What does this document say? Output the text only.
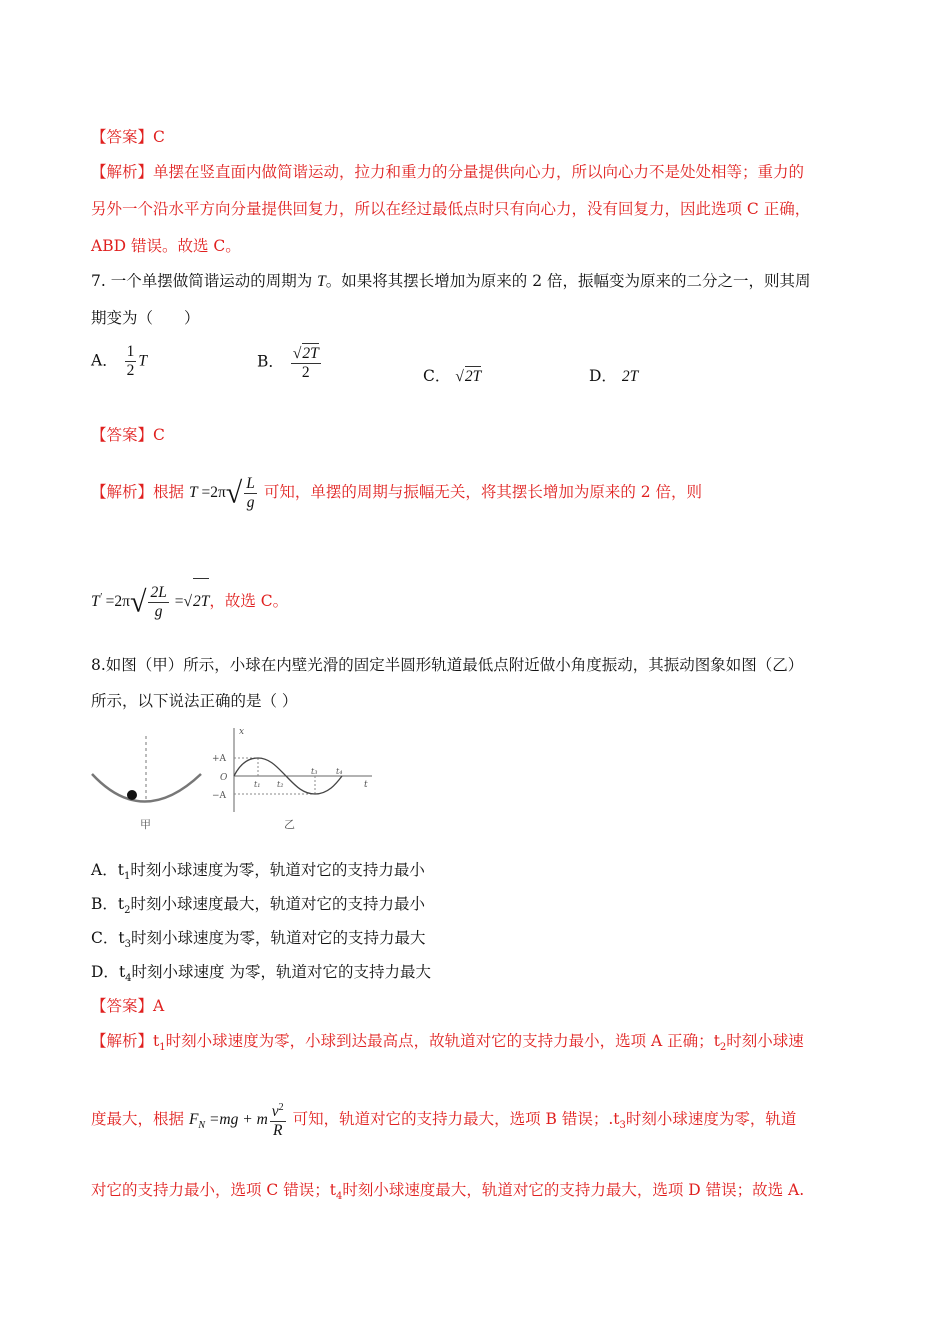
【答案】C
【解析】单摆在竖直面内做简谐运动，拉力和重力的分量提供向心力，所以向心力不是处处相等；重力的
另外一个沿水平方向分量提供回复力，所以在经过最低点时只有向心力，没有回复力，因此选项 C 正确，
ABD 错误。故选 C。
7. 一个单摆做简谐运动的周期为 T。如果将其摆长增加为原来的 2 倍，振幅变为原来的二分之一，则其周
期变为（　　）
A． $\frac{1}{2}$ T	B． $\frac{√2T}{2}$	C． √2T	D． 2T
【答案】C
【解析】根据 $T =2\pi√ \frac{L}{g}$ 可知，单摆的周期与振幅无关，将其摆长增加为原来的 2 倍，则
$T' =2\pi√ \frac{2L}{g} =√2T$，故选 C。
8.如图（甲）所示，小球在内壁光滑的固定半圆形轨道最低点附近做小角度振动，其振动图象如图（乙）
所示，以下说法正确的是（ ）
甲
x
t
+A
O
−A
t₁ t₂
t₃ t₄
乙
A．$t_1$时刻小球速度为零，轨道对它的支持力最小
B．$t_2$时刻小球速度最大，轨道对它的支持力最小
C．$t_3$时刻小球速度为零，轨道对它的支持力最大
D．$t_4$时刻小球速度 为零，轨道对它的支持力最大
【答案】A
【解析】$t_1$时刻小球速度为零，小球到达最高点，故轨道对它的支持力最小，选项 A 正确；$t_2$时刻小球速
度最大，根据 $F_N =mg + m \frac{v^2}{R}$ 可知，轨道对它的支持力最大，选项 B 错误；$.t_3$时刻小球速度为零，轨道
对它的支持力最小，选项 C 错误；$t_4$时刻小球速度最大，轨道对它的支持力最大，选项 D 错误；故选 A.
